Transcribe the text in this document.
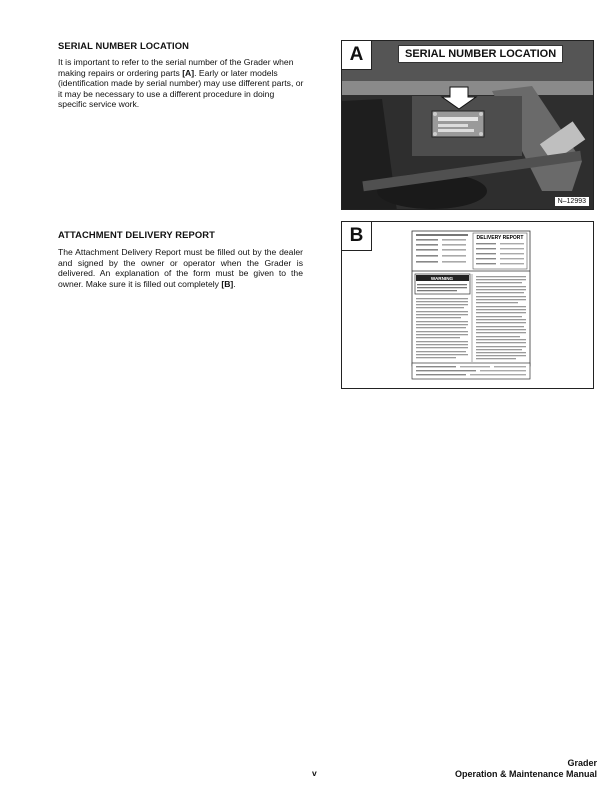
SERIAL NUMBER LOCATION
It is important to refer to the serial number of the Grader when making repairs or ordering parts [A]. Early or later models (identification made by serial number) may use different parts, or it may be necessary to use a different procedure in doing specific service work.
ATTACHMENT DELIVERY REPORT
The Attachment Delivery Report must be filled out by the dealer and signed by the owner or operator when the Grader is delivered. An explanation of the form must be given to the owner. Make sure it is filled out completely [B].
A	SERIAL NUMBER LOCATION
N–12993
B	DELIVERY REPORT
WARNING
v
Grader
Operation & Maintenance Manual
